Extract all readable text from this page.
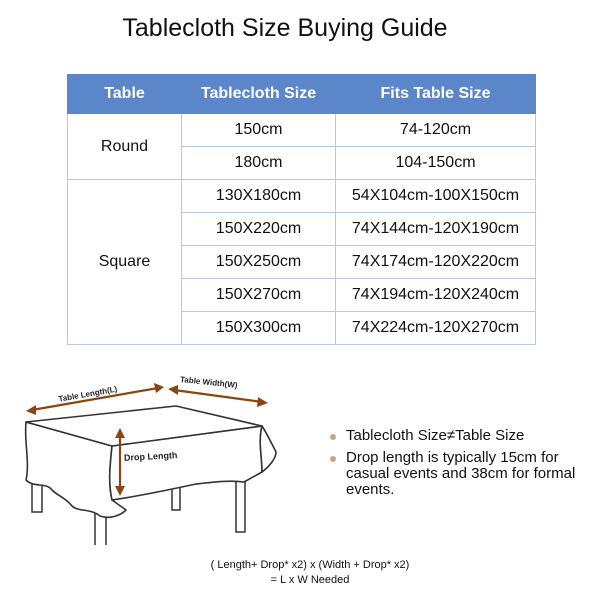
Tablecloth Size Buying Guide
Table	Tablecloth Size	Fits Table Size
Round	150cm	74-120cm
	180cm	104-150cm
Square	130X180cm	54X104cm-100X150cm
	150X220cm	74X144cm-120X190cm
	150X250cm	74X174cm-120X220cm
	150X270cm	74X194cm-120X240cm
	150X300cm	74X224cm-120X270cm
Table Length(L)
Table Width(W)
Drop Length
Tablecloth Size≠Table Size
Drop length is typically 15cm for casual events and 38cm for formal events.
( Length+ Drop* x2) x (Width + Drop* x2)
= L x W Needed
